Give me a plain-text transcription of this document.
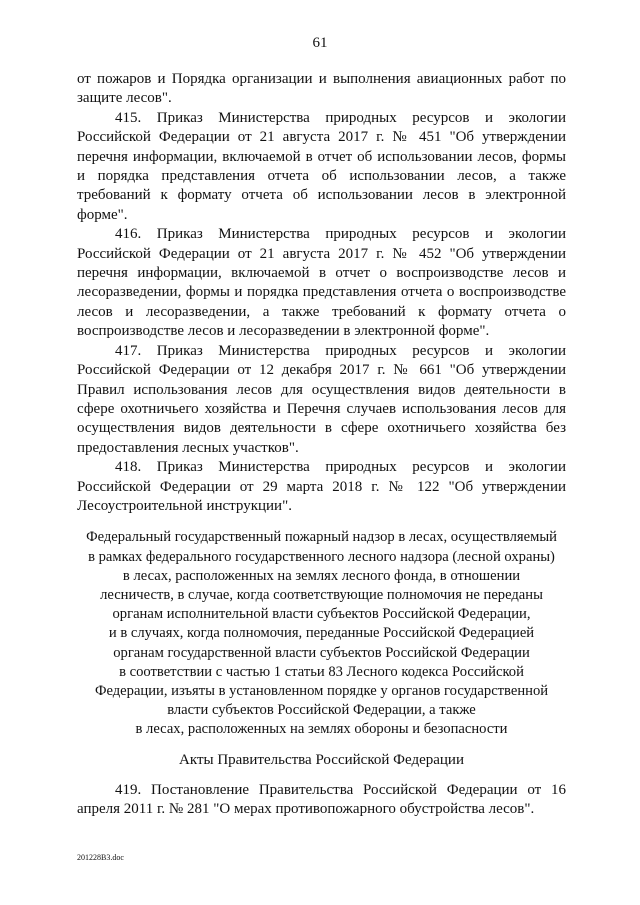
61

от пожаров и Порядка организации и выполнения авиационных работ по защите лесов".

415. Приказ Министерства природных ресурсов и экологии Российской Федерации от 21 августа 2017 г. № 451 "Об утверждении перечня информации, включаемой в отчет об использовании лесов, формы и порядка представления отчета об использовании лесов, а также требований к формату отчета об использовании лесов в электронной форме".

416. Приказ Министерства природных ресурсов и экологии Российской Федерации от 21 августа 2017 г. № 452 "Об утверждении перечня информации, включаемой в отчет о воспроизводстве лесов и лесоразведении, формы и порядка представления отчета о воспроизводстве лесов и лесоразведении, а также требований к формату отчета о воспроизводстве лесов и лесоразведении в электронной форме".

417. Приказ Министерства природных ресурсов и экологии Российской Федерации от 12 декабря 2017 г. № 661 "Об утверждении Правил использования лесов для осуществления видов деятельности в сфере охотничьего хозяйства и Перечня случаев использования лесов для осуществления видов деятельности в сфере охотничьего хозяйства без предоставления лесных участков".

418. Приказ Министерства природных ресурсов и экологии Российской Федерации от 29 марта 2018 г. № 122 "Об утверждении Лесоустроительной инструкции".

Федеральный государственный пожарный надзор в лесах, осуществляемый
в рамках федерального государственного лесного надзора (лесной охраны)
в лесах, расположенных на землях лесного фонда, в отношении
лесничеств, в случае, когда соответствующие полномочия не переданы
органам исполнительной власти субъектов Российской Федерации,
и в случаях, когда полномочия, переданные Российской Федерацией
органам государственной власти субъектов Российской Федерации
в соответствии с частью 1 статьи 83 Лесного кодекса Российской
Федерации, изъяты в установленном порядке у органов государственной
власти субъектов Российской Федерации, а также
в лесах, расположенных на землях обороны и безопасности
Акты Правительства Российской Федерации

419. Постановление Правительства Российской Федерации от 16 апреля 2011 г. № 281 "О мерах противопожарного обустройства лесов".

201228В3.doc
